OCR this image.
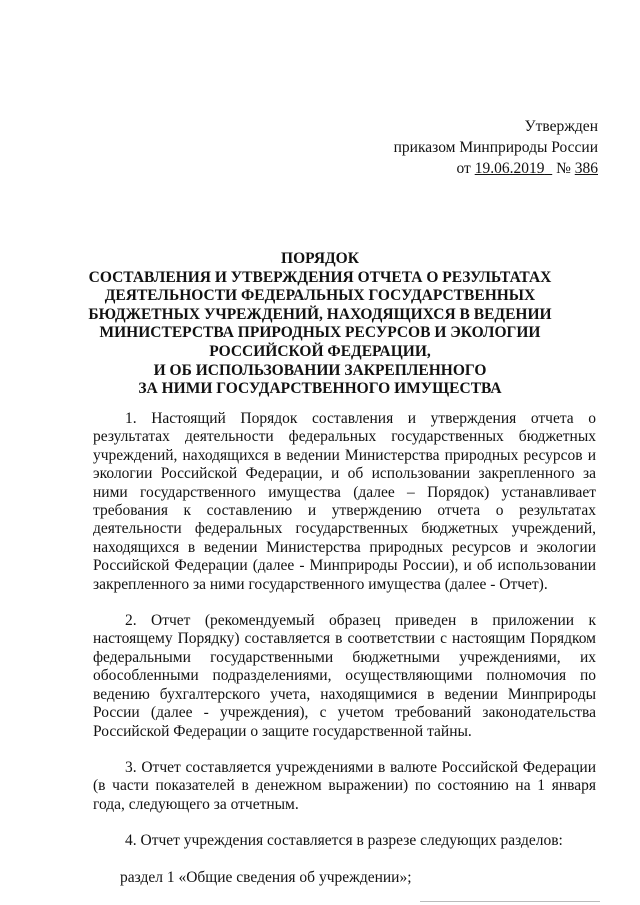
Утвержден
приказом Минприроды России
от 19.06.2019 № 386
ПОРЯДОК
СОСТАВЛЕНИЯ И УТВЕРЖДЕНИЯ ОТЧЕТА О РЕЗУЛЬТАТАХ
ДЕЯТЕЛЬНОСТИ ФЕДЕРАЛЬНЫХ ГОСУДАРСТВЕННЫХ
БЮДЖЕТНЫХ УЧРЕЖДЕНИЙ, НАХОДЯЩИХСЯ В ВЕДЕНИИ
МИНИСТЕРСТВА ПРИРОДНЫХ РЕСУРСОВ И ЭКОЛОГИИ
РОССИЙСКОЙ ФЕДЕРАЦИИ,
И ОБ ИСПОЛЬЗОВАНИИ ЗАКРЕПЛЕННОГО
ЗА НИМИ ГОСУДАРСТВЕННОГО ИМУЩЕСТВА

1. Настоящий Порядок составления и утверждения отчета о результатах деятельности федеральных государственных бюджетных учреждений, находящихся в ведении Министерства природных ресурсов и экологии Российской Федерации, и об использовании закрепленного за ними государственного имущества (далее – Порядок) устанавливает требования к составлению и утверждению отчета о результатах деятельности федеральных государственных бюджетных учреждений, находящихся в ведении Министерства природных ресурсов и экологии Российской Федерации (далее - Минприроды России), и об использовании закрепленного за ними государственного имущества (далее - Отчет).

2. Отчет (рекомендуемый образец приведен в приложении к настоящему Порядку) составляется в соответствии с настоящим Порядком федеральными государственными бюджетными учреждениями, их обособленными подразделениями, осуществляющими полномочия по ведению бухгалтерского учета, находящимися в ведении Минприроды России (далее - учреждения), с учетом требований законодательства Российской Федерации о защите государственной тайны.

3. Отчет составляется учреждениями в валюте Российской Федерации (в части показателей в денежном выражении) по состоянию на 1 января года, следующего за отчетным.

4. Отчет учреждения составляется в разрезе следующих разделов:

раздел 1 «Общие сведения об учреждении»;
